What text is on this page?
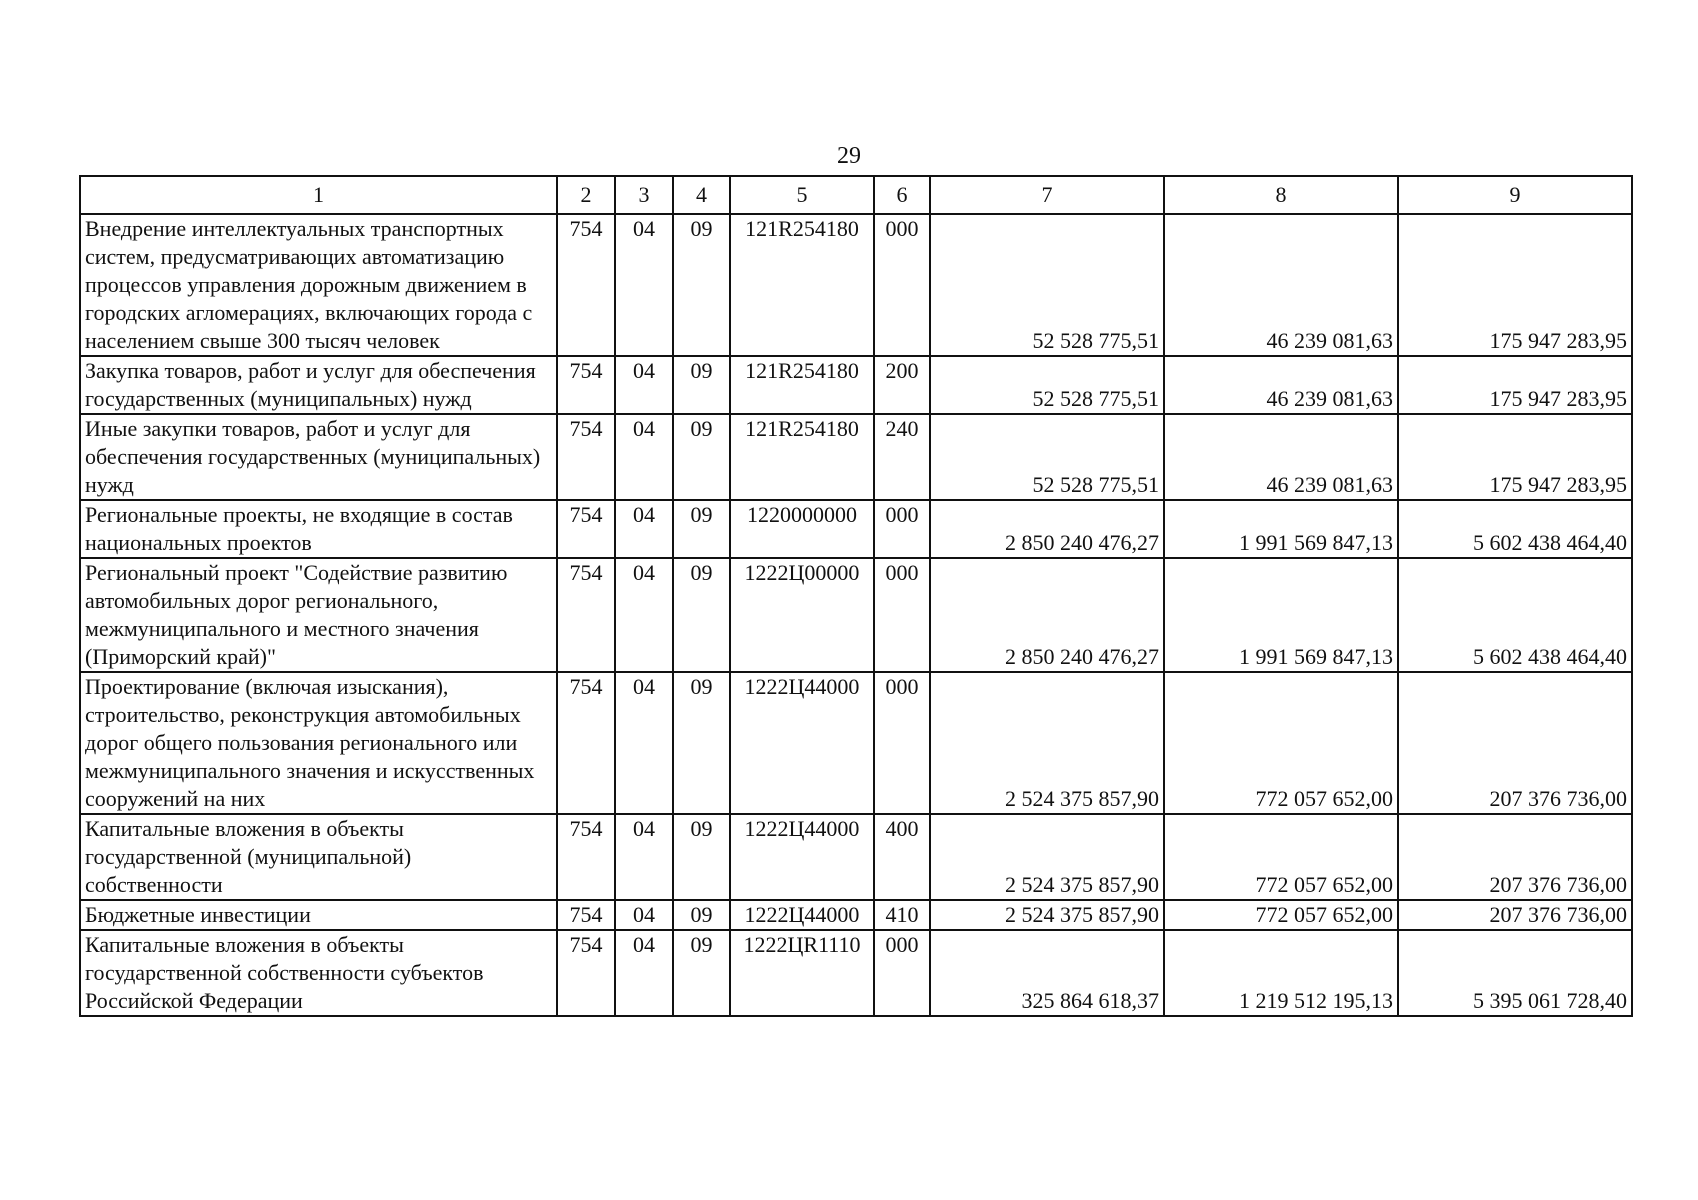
29
1	2	3	4	5	6	7	8	9
Внедрение интеллектуальных транспортных систем, предусматривающих автоматизацию процессов управления дорожным движением в городских агломерациях, включающих города с населением свыше 300 тысяч человек	754	04	09	121R254180	000	52 528 775,51	46 239 081,63	175 947 283,95
Закупка товаров, работ и услуг для обеспечения государственных (муниципальных) нужд	754	04	09	121R254180	200	52 528 775,51	46 239 081,63	175 947 283,95
Иные закупки товаров, работ и услуг для обеспечения государственных (муниципальных) нужд	754	04	09	121R254180	240	52 528 775,51	46 239 081,63	175 947 283,95
Региональные проекты, не входящие в состав национальных проектов	754	04	09	1220000000	000	2 850 240 476,27	1 991 569 847,13	5 602 438 464,40
Региональный проект "Содействие развитию автомобильных дорог регионального, межмуниципального и местного значения (Приморский край)"	754	04	09	1222Ц00000	000	2 850 240 476,27	1 991 569 847,13	5 602 438 464,40
Проектирование (включая изыскания), строительство, реконструкция автомобильных дорог общего пользования регионального или межмуниципального значения и искусственных сооружений на них	754	04	09	1222Ц44000	000	2 524 375 857,90	772 057 652,00	207 376 736,00
Капитальные вложения в объекты государственной (муниципальной) собственности	754	04	09	1222Ц44000	400	2 524 375 857,90	772 057 652,00	207 376 736,00
Бюджетные инвестиции	754	04	09	1222Ц44000	410	2 524 375 857,90	772 057 652,00	207 376 736,00
Капитальные вложения в объекты государственной собственности субъектов Российской Федерации	754	04	09	1222ЦR1110	000	325 864 618,37	1 219 512 195,13	5 395 061 728,40
